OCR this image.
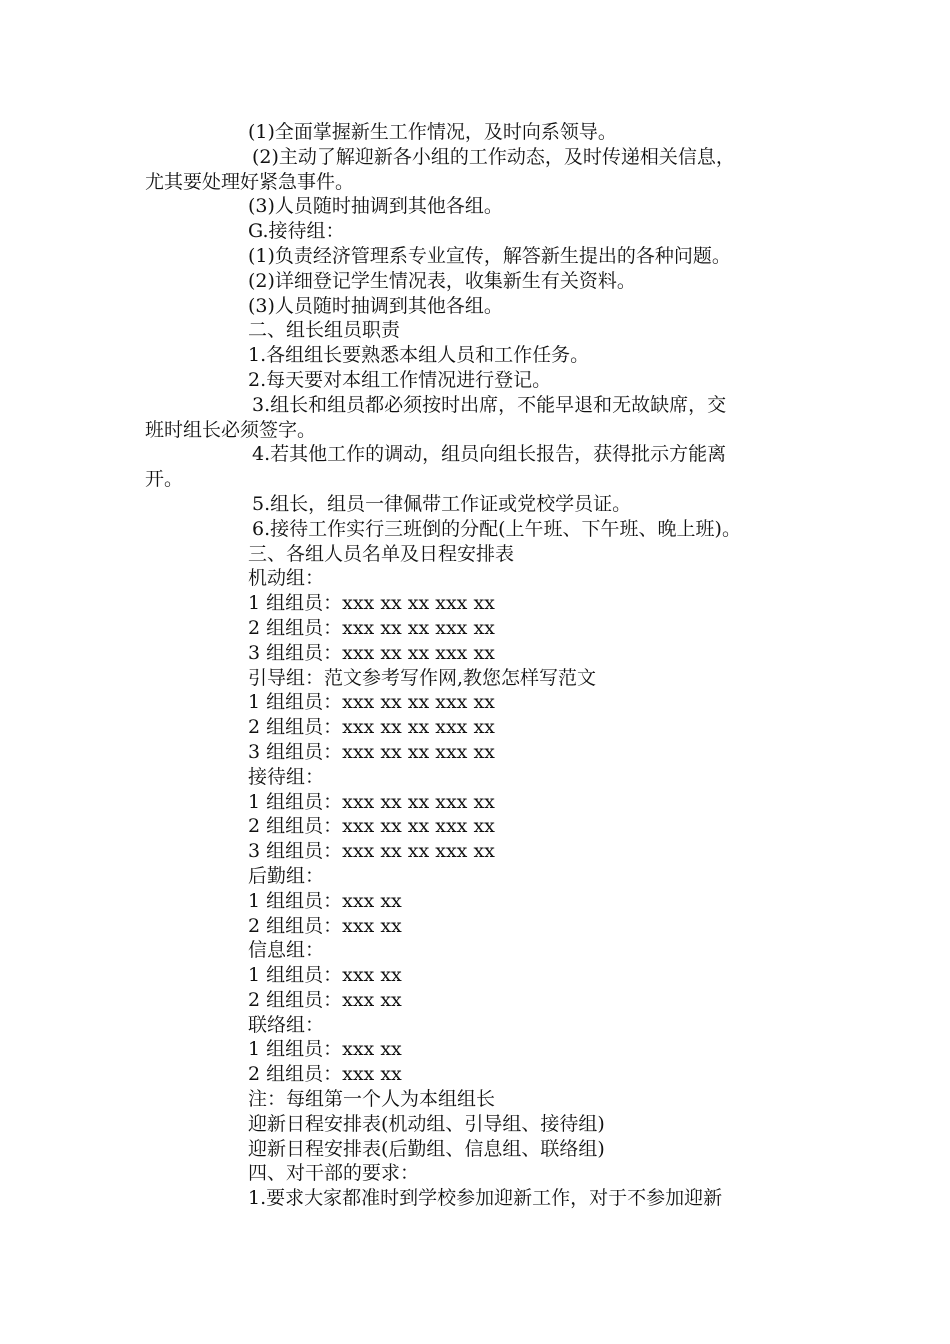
(1)全面掌握新生工作情况，及时向系领导。
(2)主动了解迎新各小组的工作动态，及时传递相关信息，
尤其要处理好紧急事件。
(3)人员随时抽调到其他各组。
G.接待组：
(1)负责经济管理系专业宣传，解答新生提出的各种问题。
(2)详细登记学生情况表，收集新生有关资料。
(3)人员随时抽调到其他各组。
二、组长组员职责
1.各组组长要熟悉本组人员和工作任务。
2.每天要对本组工作情况进行登记。
3.组长和组员都必须按时出席，不能早退和无故缺席，交
班时组长必须签字。
4.若其他工作的调动，组员向组长报告，获得批示方能离
开。
5.组长，组员一律佩带工作证或党校学员证。
6.接待工作实行三班倒的分配(上午班、下午班、晚上班)。
三、各组人员名单及日程安排表
机动组：
1 组组员：xxx xx xx xxx xx
2 组组员：xxx xx xx xxx xx
3 组组员：xxx xx xx xxx xx
引导组：范文参考写作网,教您怎样写范文
1 组组员：xxx xx xx xxx xx
2 组组员：xxx xx xx xxx xx
3 组组员：xxx xx xx xxx xx
接待组：
1 组组员：xxx xx xx xxx xx
2 组组员：xxx xx xx xxx xx
3 组组员：xxx xx xx xxx xx
后勤组：
1 组组员：xxx xx
2 组组员：xxx xx
信息组：
1 组组员：xxx xx
2 组组员：xxx xx
联络组：
1 组组员：xxx xx
2 组组员：xxx xx
注：每组第一个人为本组组长
迎新日程安排表(机动组、引导组、接待组)
迎新日程安排表(后勤组、信息组、联络组)
四、对干部的要求：
1.要求大家都准时到学校参加迎新工作，对于不参加迎新
